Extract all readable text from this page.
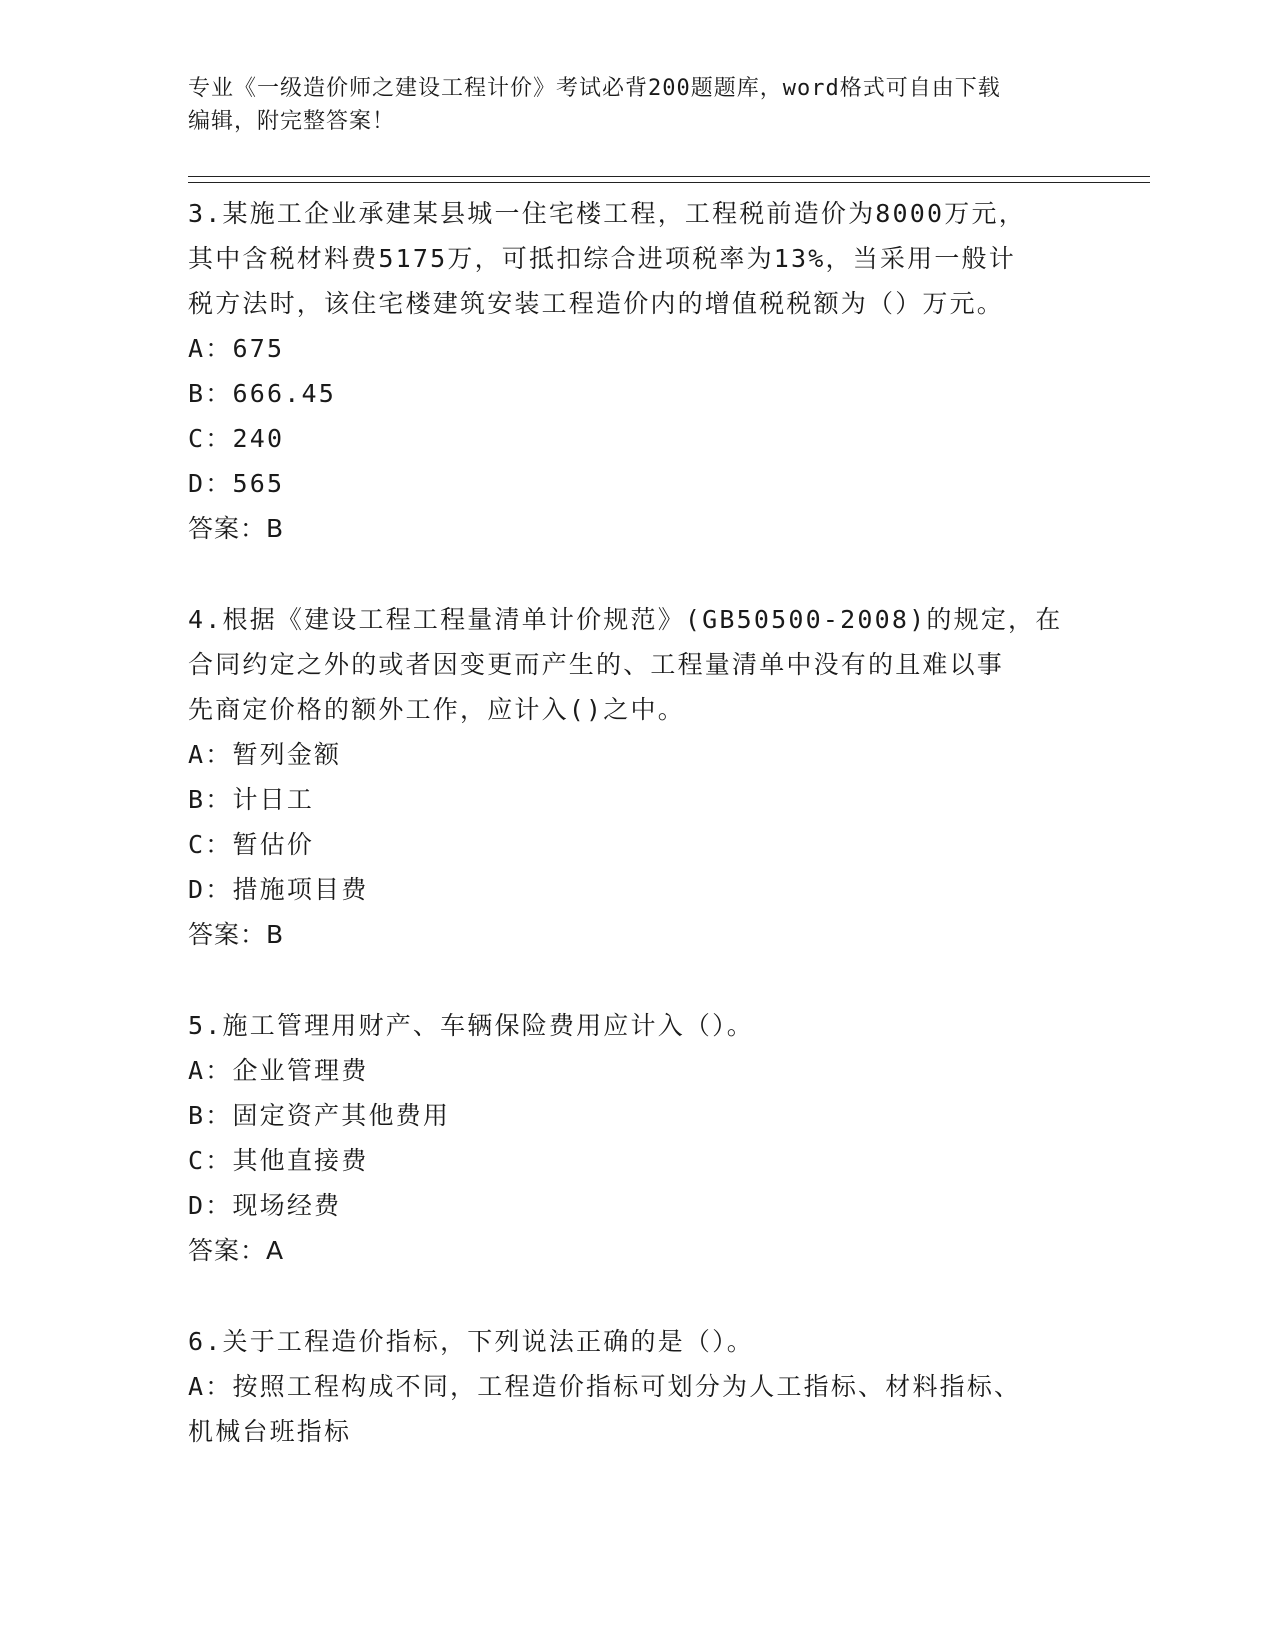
专业《一级造价师之建设工程计价》考试必背200题题库，word格式可自由下载
编辑，附完整答案！

3.某施工企业承建某县城一住宅楼工程，工程税前造价为8000万元，

其中含税材料费5175万，可抵扣综合进项税率为13%，当采用一般计

税方法时，该住宅楼建筑安装工程造价内的增值税税额为（）万元。

A：675

B：666.45

C：240

D：565

答案：B

4.根据《建设工程工程量清单计价规范》(GB50500-2008)的规定，在

合同约定之外的或者因变更而产生的、工程量清单中没有的且难以事

先商定价格的额外工作，应计入()之中。

A：暂列金额

B：计日工

C：暂估价

D：措施项目费

答案：B

5.施工管理用财产、车辆保险费用应计入（）。

A：企业管理费

B：固定资产其他费用

C：其他直接费

D：现场经费

答案：A

6.关于工程造价指标，下列说法正确的是（）。

A：按照工程构成不同，工程造价指标可划分为人工指标、材料指标、

机械台班指标
